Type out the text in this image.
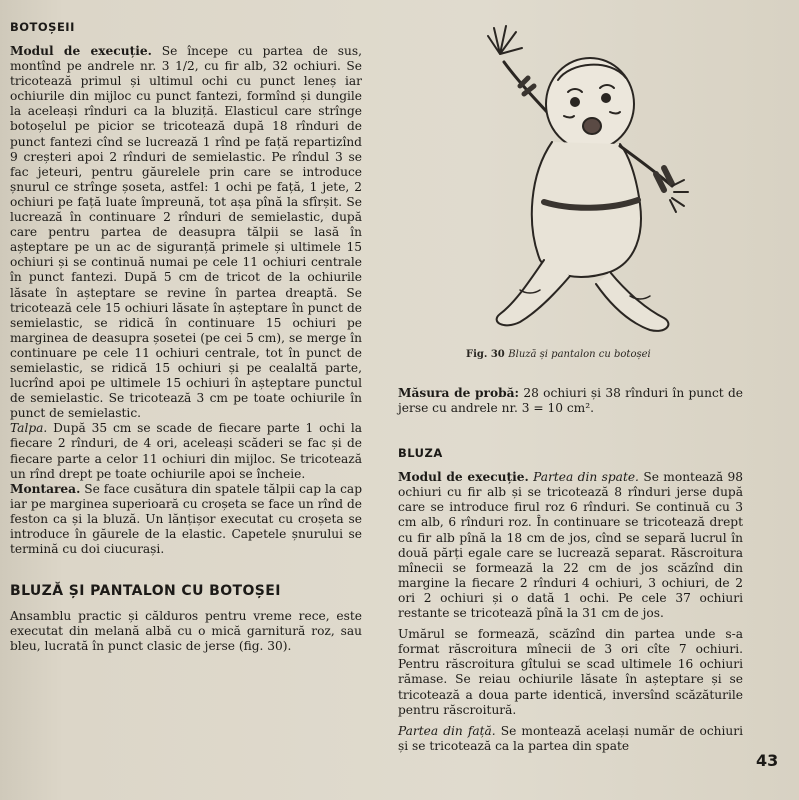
BOTOȘEII

Modul de execuție. Se începe cu partea de sus, montînd pe andrele nr. 3 1/2, cu fir alb, 32 ochiuri. Se tricotează primul și ultimul ochi cu punct leneș iar ochiurile din mijloc cu punct fantezi, formînd și dungile la aceleași rînduri ca la bluziță. Elasticul care strînge botoșelul pe picior se tricotează după 18 rînduri de punct fantezi cînd se lucrează 1 rînd pe față repartizînd 9 creșteri apoi 2 rînduri de semielastic. Pe rîndul 3 se fac jeteuri, pentru găurelele prin care se introduce șnurul ce strînge șoseta, astfel: 1 ochi pe față, 1 jete, 2 ochiuri pe față luate împreună, tot așa pînă la sfîrșit. Se lucrează în continuare 2 rînduri de semielastic, după care pentru partea de deasupra tălpii se lasă în așteptare pe un ac de siguranță primele și ultimele 15 ochiuri și se continuă numai pe cele 11 ochiuri centrale în punct fantezi. După 5 cm de tricot de la ochiurile lăsate în așteptare se revine în partea dreaptă. Se tricotează cele 15 ochiuri lăsate în așteptare în punct de semielastic, se ridică în continuare 15 ochiuri pe marginea de deasupra șosetei (pe cei 5 cm), se merge în continuare pe cele 11 ochiuri centrale, tot în punct de semielastic, se ridică 15 ochiuri și pe cealaltă parte, lucrînd apoi pe ultimele 15 ochiuri în așteptare punctul de semielastic. Se tricotează 3 cm pe toate ochiurile în punct de semielastic.

Talpa. După 35 cm se scade de fiecare parte 1 ochi la fiecare 2 rînduri, de 4 ori, aceleași scăderi se fac și de fiecare parte a celor 11 ochiuri din mijloc. Se tricotează un rînd drept pe toate ochiurile apoi se încheie.

Montarea. Se face cusătura din spatele tălpii cap la cap iar pe marginea superioară cu croșeta se face un rînd de feston ca și la bluză. Un lănțișor executat cu croșeta se introduce în găurele de la elastic. Capetele șnurului se termină cu doi ciucurași.

BLUZĂ ȘI PANTALON CU BOTOȘEI

Ansamblu practic și călduros pentru vreme rece, este executat din melană albă cu o mică garnitură roz, sau bleu, lucrată în punct clasic de jerse (fig. 30).

Fig. 30 Bluză și pantalon cu botoșei

Măsura de probă: 28 ochiuri și 38 rînduri în punct de jerse cu andrele nr. 3 = 10 cm².

BLUZA

Modul de execuție. Partea din spate. Se montează 98 ochiuri cu fir alb și se tricotează 8 rînduri jerse după care se introduce firul roz 6 rînduri. Se continuă cu 3 cm alb, 6 rînduri roz. În continuare se tricotează drept cu fir alb pînă la 18 cm de jos, cînd se separă lucrul în două părți egale care se lucrează separat. Răscroitura mînecii se formează la 22 cm de jos scăzînd din margine la fiecare 2 rînduri 4 ochiuri, 3 ochiuri, de 2 ori 2 ochiuri și o dată 1 ochi. Pe cele 37 ochiuri restante se tricotează pînă la 31 cm de jos.

Umărul se formează, scăzînd din partea unde s-a format răscroitura mînecii de 3 ori cîte 7 ochiuri. Pentru răscroitura gîtului se scad ultimele 16 ochiuri rămase. Se reiau ochiurile lăsate în așteptare și se tricotează a doua parte identică, inversînd scăzăturile pentru răscroitură.

Partea din față. Se montează același număr de ochiuri și se tricotează ca la partea din spate

43
